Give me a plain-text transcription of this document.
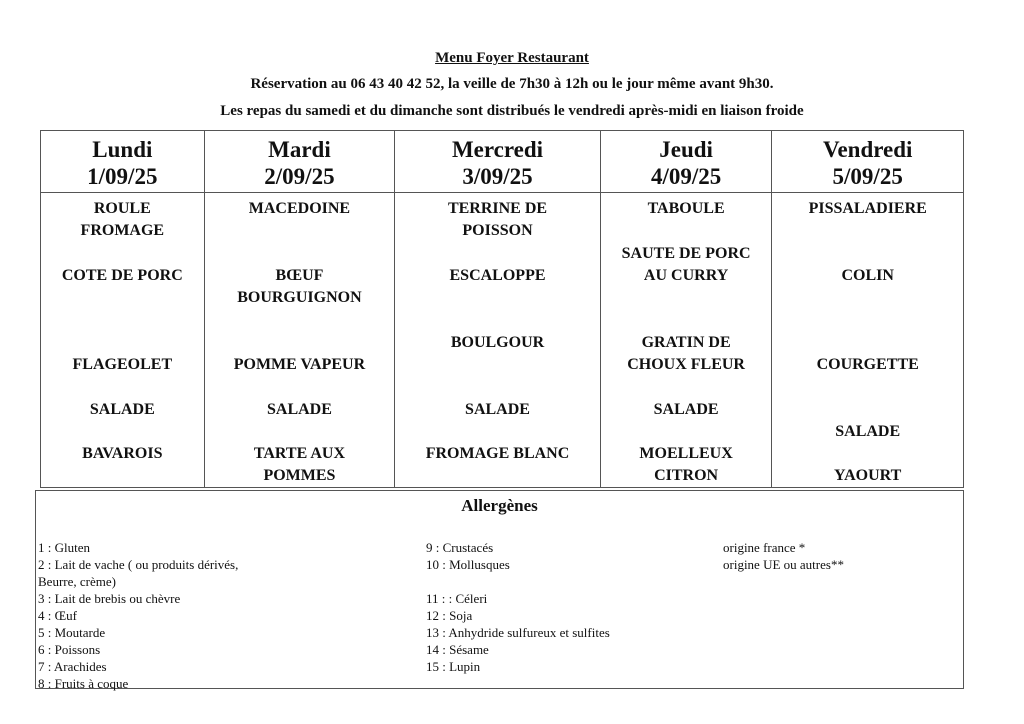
Menu Foyer Restaurant
Réservation au 06 43 40 42 52, la veille de 7h30 à 12h ou le jour même avant 9h30.
Les repas du samedi et du dimanche sont distribués le vendredi après-midi en liaison froide
Lundi
1/09/25
ROULE
FROMAGE
COTE DE PORC
FLAGEOLET
SALADE
BAVAROIS
Mardi
2/09/25
MACEDOINE
BŒUF
BOURGUIGNON
POMME VAPEUR
SALADE
TARTE AUX
POMMES
Mercredi
3/09/25
TERRINE DE
POISSON
ESCALOPPE
BOULGOUR
SALADE
FROMAGE BLANC
Jeudi
4/09/25
TABOULE
SAUTE DE PORC
AU CURRY
GRATIN DE
CHOUX FLEUR
SALADE
MOELLEUX
CITRON
Vendredi
5/09/25
PISSALADIERE
COLIN
COURGETTE
SALADE
YAOURT
Allergènes
1 : Gluten
2 : Lait de vache ( ou produits dérivés,
Beurre, crème)
3 : Lait de brebis ou chèvre
4 : Œuf
5 : Moutarde
6 : Poissons
7 : Arachides
8 : Fruits à coque
9 : Crustacés
10 : Mollusques
11 : : Céleri
12 : Soja
13 : Anhydride sulfureux et sulfites
14 : Sésame
15 : Lupin
origine france *
origine UE ou autres**
